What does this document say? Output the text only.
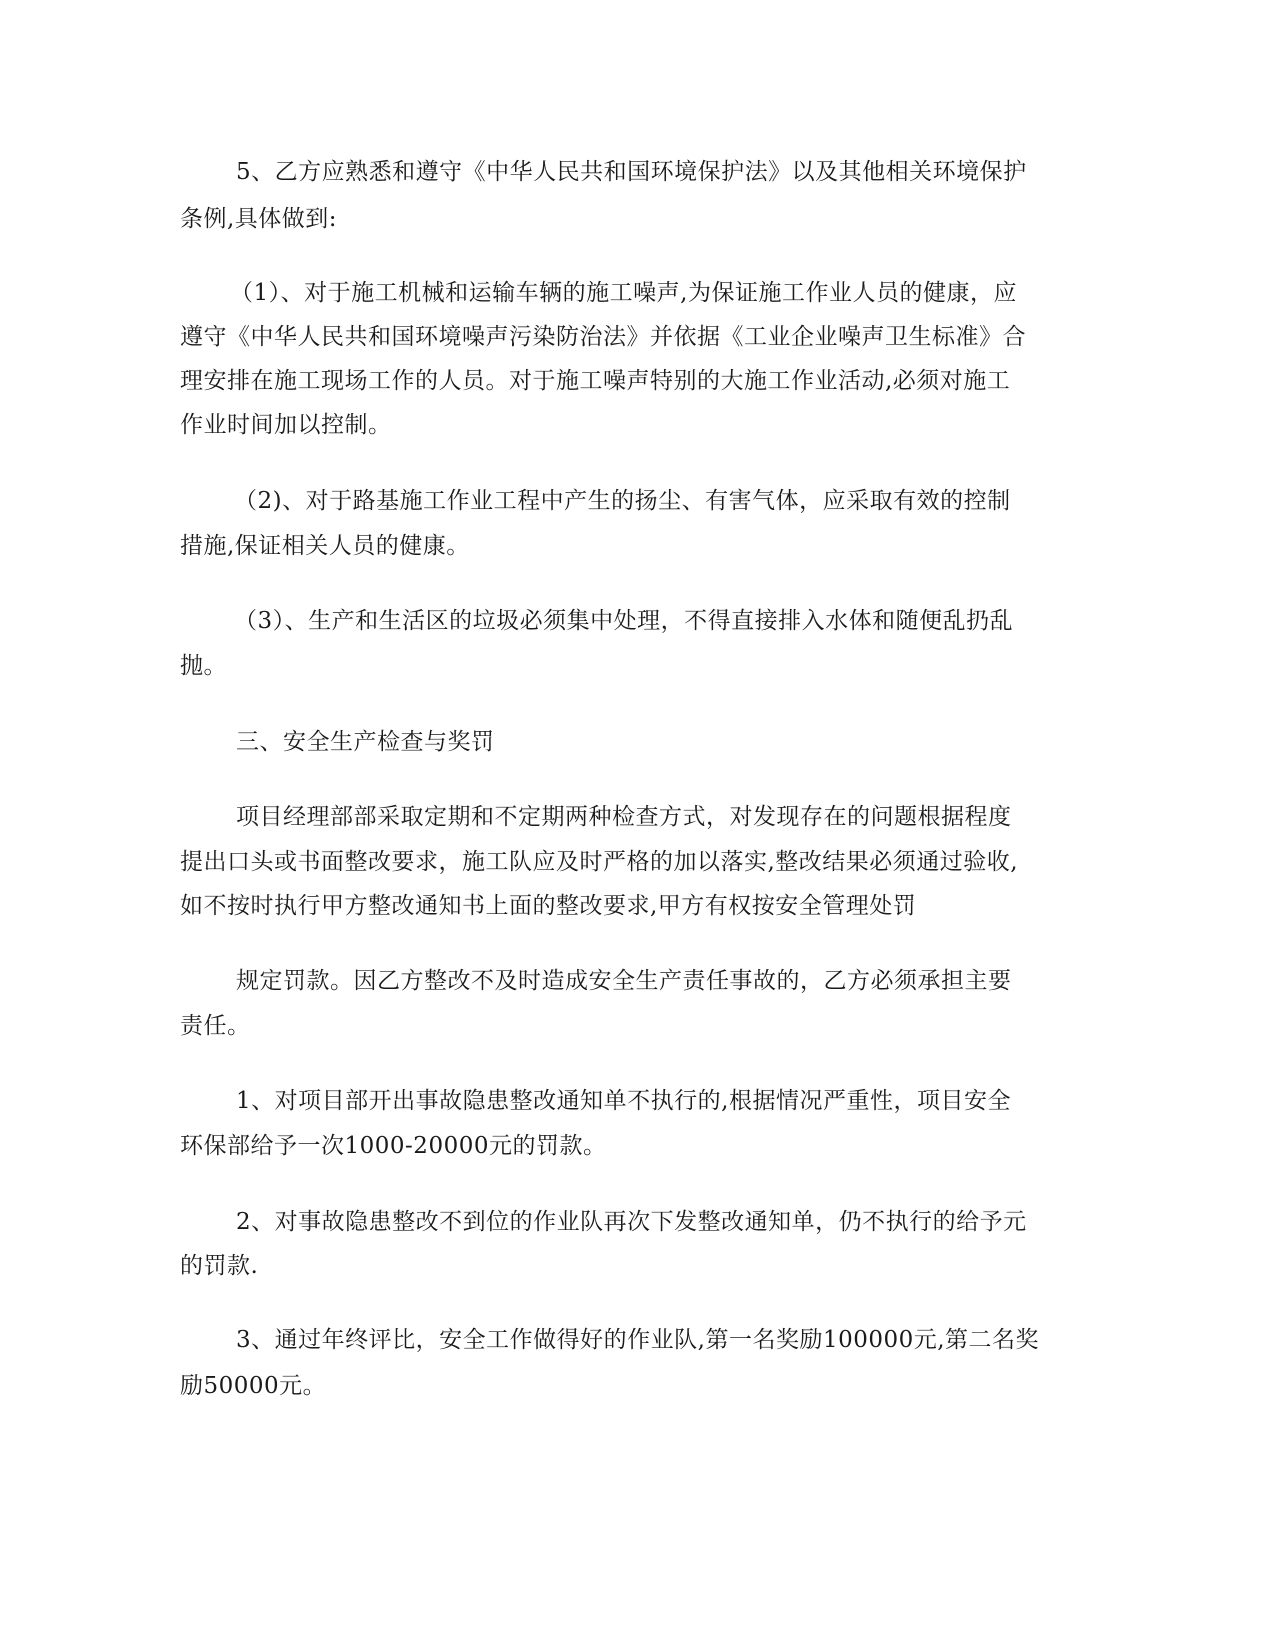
5、乙方应熟悉和遵守《中华人民共和国环境保护法》以及其他相关环境保护
条例,具体做到:
（1）、对于施工机械和运输车辆的施工噪声,为保证施工作业人员的健康，应
遵守《中华人民共和国环境噪声污染防治法》并依据《工业企业噪声卫生标准》合
理安排在施工现场工作的人员。对于施工噪声特别的大施工作业活动,必须对施工
作业时间加以控制。
（2)、对于路基施工作业工程中产生的扬尘、有害气体，应采取有效的控制
措施,保证相关人员的健康。
（3）、生产和生活区的垃圾必须集中处理，不得直接排入水体和随便乱扔乱
抛。
三、安全生产检查与奖罚
项目经理部部采取定期和不定期两种检查方式，对发现存在的问题根据程度
提出口头或书面整改要求，施工队应及时严格的加以落实,整改结果必须通过验收,
如不按时执行甲方整改通知书上面的整改要求,甲方有权按安全管理处罚
规定罚款。因乙方整改不及时造成安全生产责任事故的，乙方必须承担主要
责任。
1、对项目部开出事故隐患整改通知单不执行的,根据情况严重性，项目安全
环保部给予一次1000-20000元的罚款。
2、对事故隐患整改不到位的作业队再次下发整改通知单，仍不执行的给予元
的罚款.
3、通过年终评比，安全工作做得好的作业队,第一名奖励100000元,第二名奖
励50000元。
